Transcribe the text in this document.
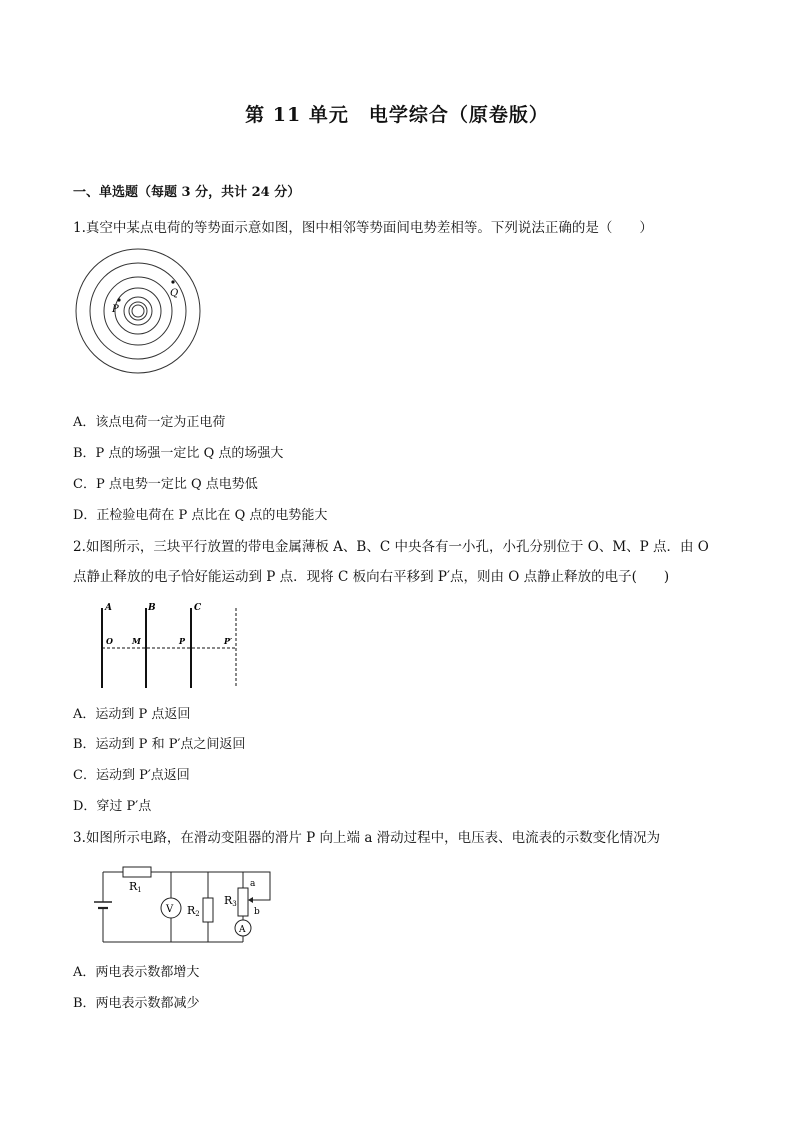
第 11 单元　电学综合（原卷版）
一、单选题（每题 3 分，共计 24 分）
1.真空中某点电荷的等势面示意如图，图中相邻等势面间电势差相等。下列说法正确的是（　　）
P
Q
A．该点电荷一定为正电荷
B．P 点的场强一定比 Q 点的场强大
C．P 点电势一定比 Q 点电势低
D．正检验电荷在 P 点比在 Q 点的电势能大
2.如图所示，三块平行放置的带电金属薄板 A、B、C 中央各有一小孔，小孔分别位于 O、M、P 点．由 O
点静止释放的电子恰好能运动到 P 点．现将 C 板向右平移到 P′点，则由 O 点静止释放的电子(　　)
A	B	C
O M	P	P′
A．运动到 P 点返回
B．运动到 P 和 P′点之间返回
C．运动到 P′点返回
D．穿过 P′点
3.如图所示电路，在滑动变阻器的滑片 P 向上端 a 滑动过程中，电压表、电流表的示数变化情况为
R1
V R2
R3
A
a
b
A．两电表示数都增大
B．两电表示数都减少
